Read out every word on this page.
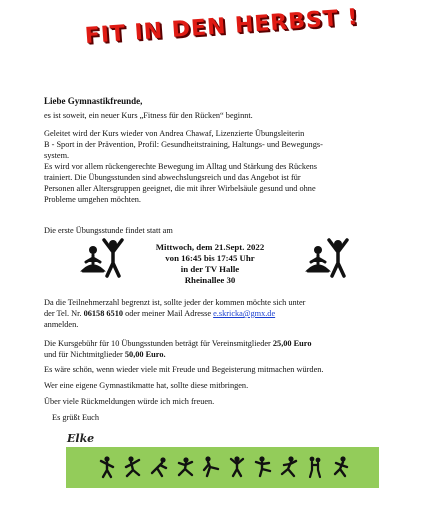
FIT IN DEN HERBST !
Liebe Gymnastikfreunde,
es ist soweit, ein neuer Kurs „Fitness für den Rücken“ beginnt.
Geleitet wird der Kurs wieder von Andrea Chawaf, Lizenzierte Übungsleiterin
B - Sport in der Prävention, Profil: Gesundheitstraining, Haltungs- und Bewegungs-
system.
Es wird vor allem rückengerechte Bewegung im Alltag und Stärkung des Rückens
trainiert. Die Übungsstunden sind abwechslungsreich und das Angebot ist für
Personen aller Altersgruppen geeignet, die mit ihrer Wirbelsäule gesund und ohne
Probleme umgehen möchten.
Die erste Übungsstunde findet statt am
Mittwoch, dem 21.Sept. 2022
von 16:45 bis 17:45 Uhr
in der TV Halle
Rheinallee 30
Da die Teilnehmerzahl begrenzt ist, sollte jeder der kommen möchte sich unter
der Tel. Nr. 06158 6510 oder meiner Mail Adresse e.skricka@gmx.de
anmelden.
Die Kursgebühr für 10 Übungsstunden beträgt für Vereinsmitglieder 25,00 Euro
und für Nichtmitglieder 50,00 Euro.
Es wäre schön, wenn wieder viele mit Freude und Begeisterung mitmachen würden.
Wer eine eigene Gymnastikmatte hat, sollte diese mitbringen.
Über viele Rückmeldungen würde ich mich freuen.
Es grüßt Euch
Elke
